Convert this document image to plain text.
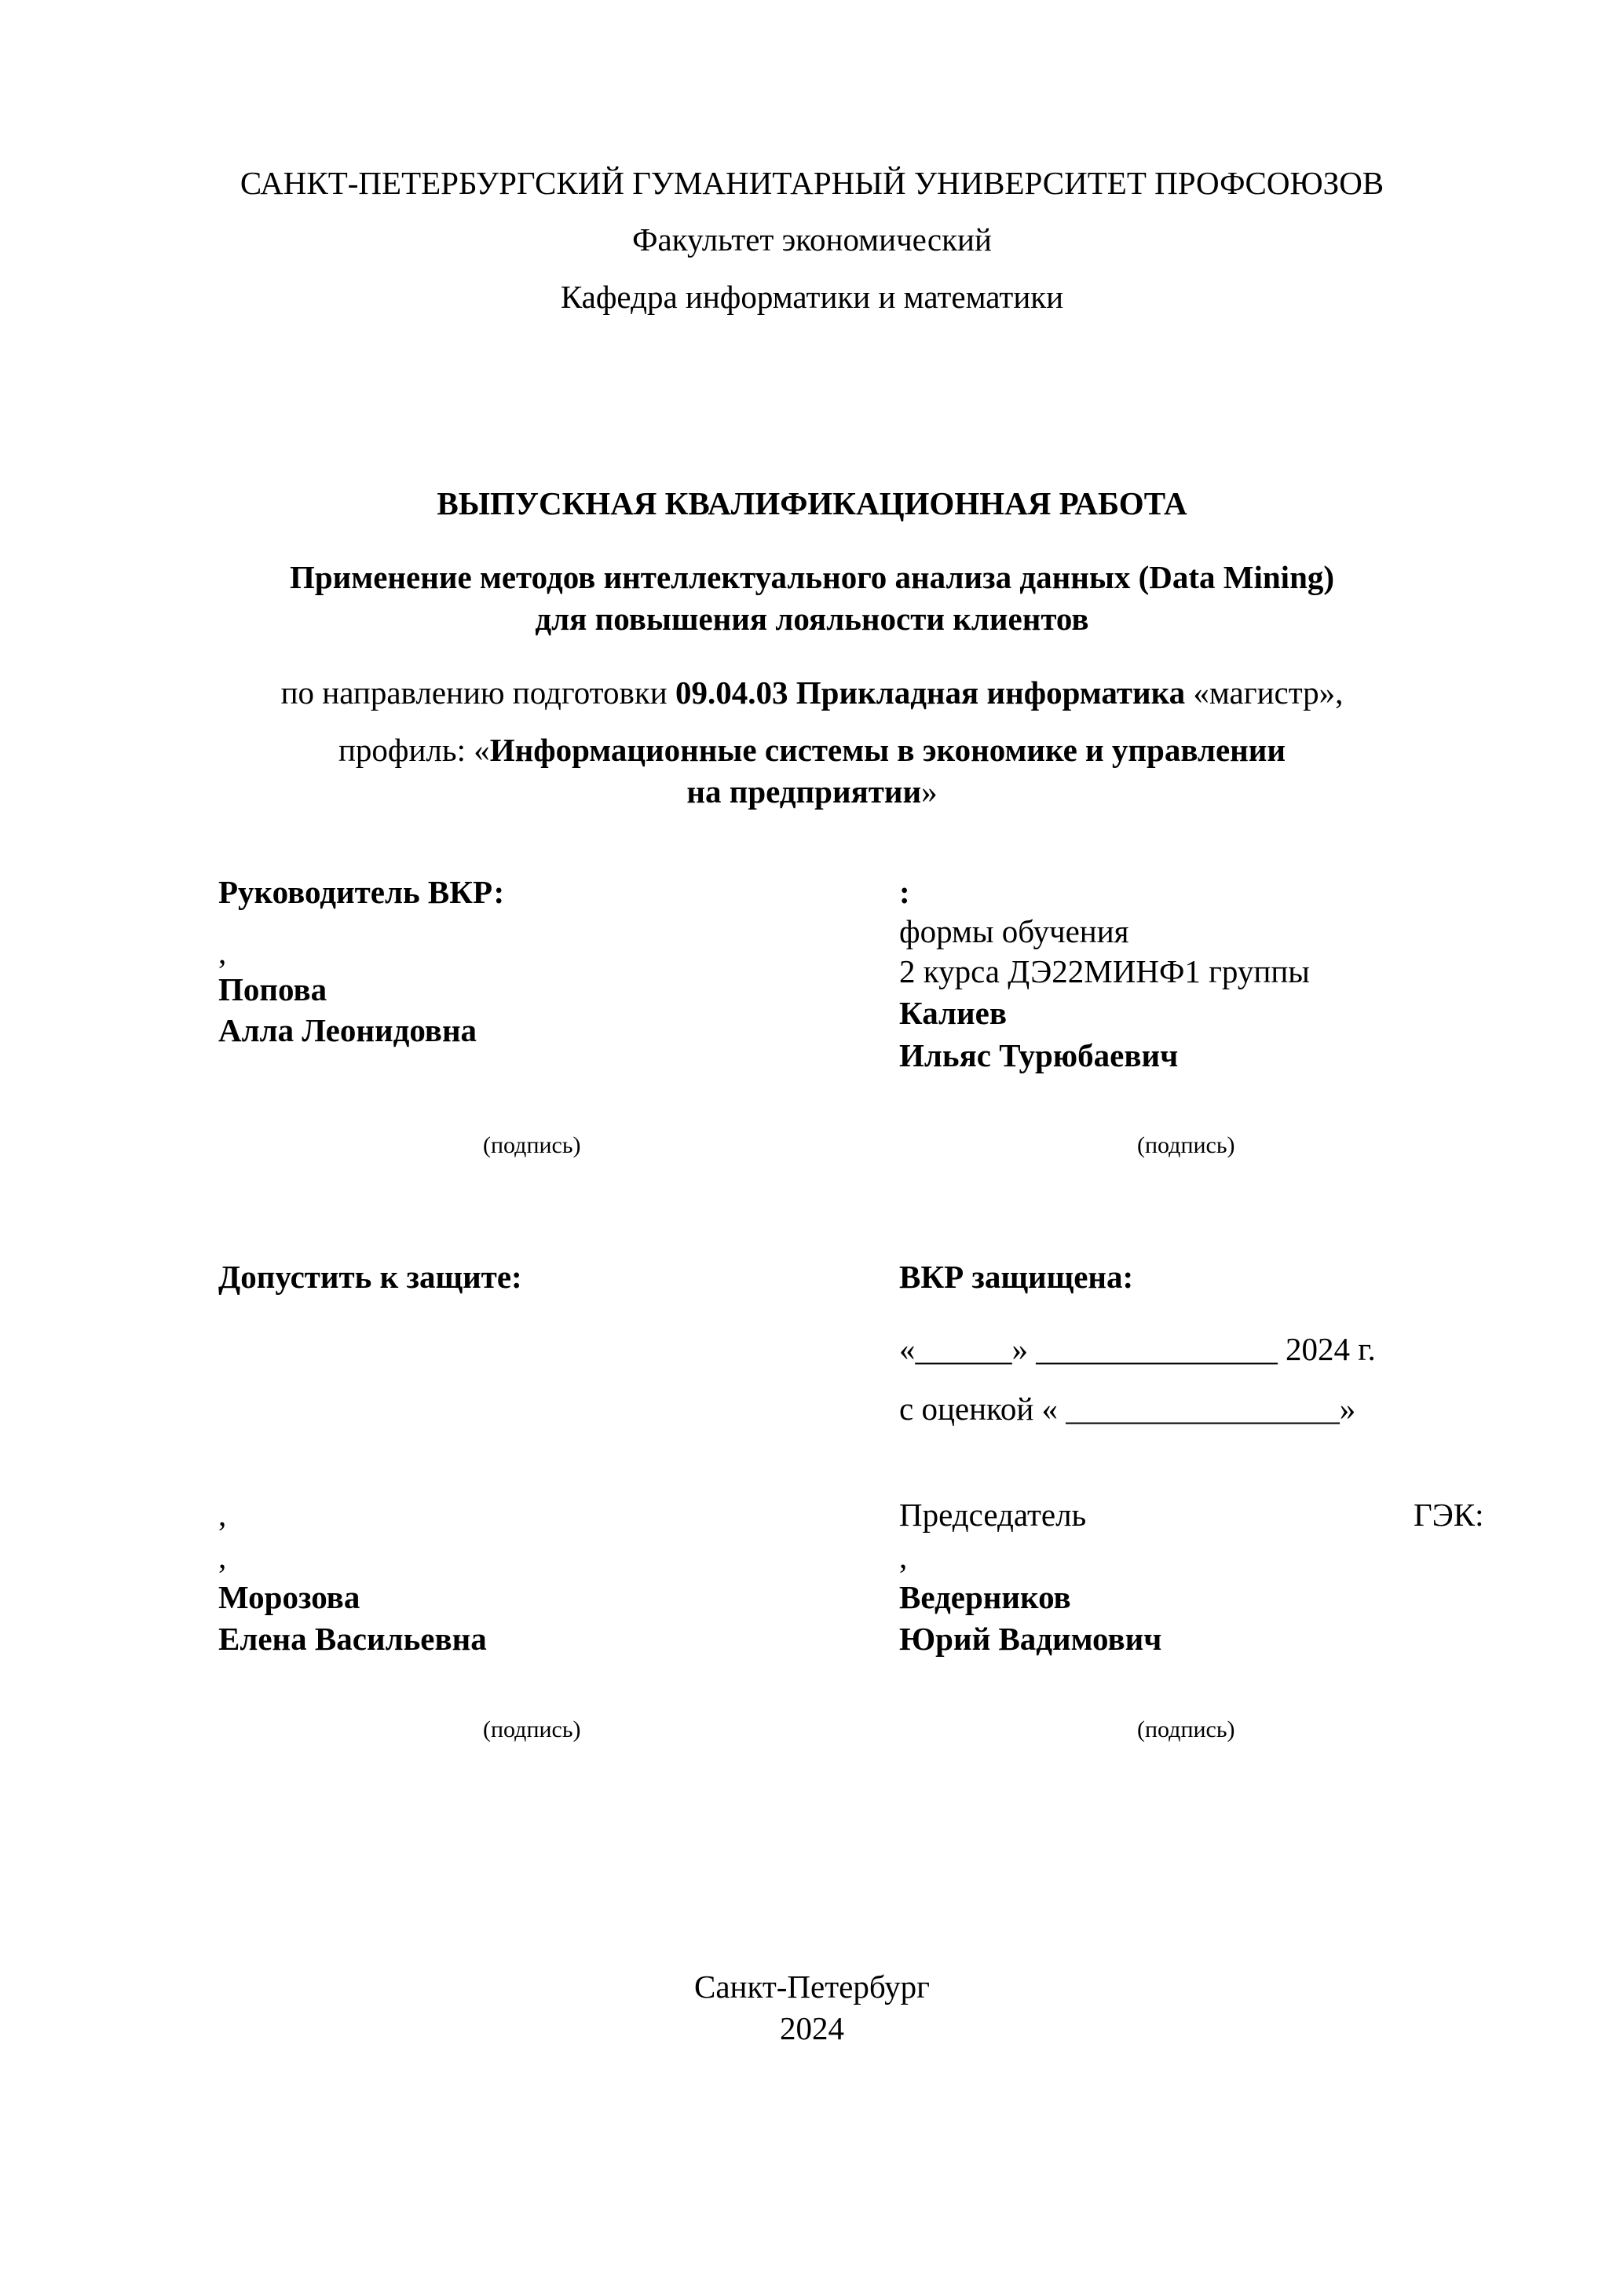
САНКТ-ПЕТЕРБУРГСКИЙ ГУМАНИТАРНЫЙ УНИВЕРСИТЕТ ПРОФСОЮЗОВ
Факультет экономический
Кафедра информатики и математики
ВЫПУСКНАЯ КВАЛИФИКАЦИОННАЯ РАБОТА
Применение методов интеллектуального анализа данных (Data Mining)
для повышения лояльности клиентов
по направлению подготовки 09.04.03 Прикладная информатика «магистр»,
профиль: «Информационные системы в экономике и управлении
на предприятии»
Руководитель ВКР:
,
Попова
Алла Леонидовна
(подпись)
:
формы обучения
2 курса ДЭ22МИНФ1 группы
Калиев
Ильяс Турюбаевич
(подпись)
Допустить к защите:
,
,
Морозова
Елена Васильевна
(подпись)
ВКР защищена:
«______» _______________ 2024 г.
с оценкой « _________________»
Председатель	ГЭК:
,
Ведерников
Юрий Вадимович
(подпись)
Санкт-Петербург
2024
